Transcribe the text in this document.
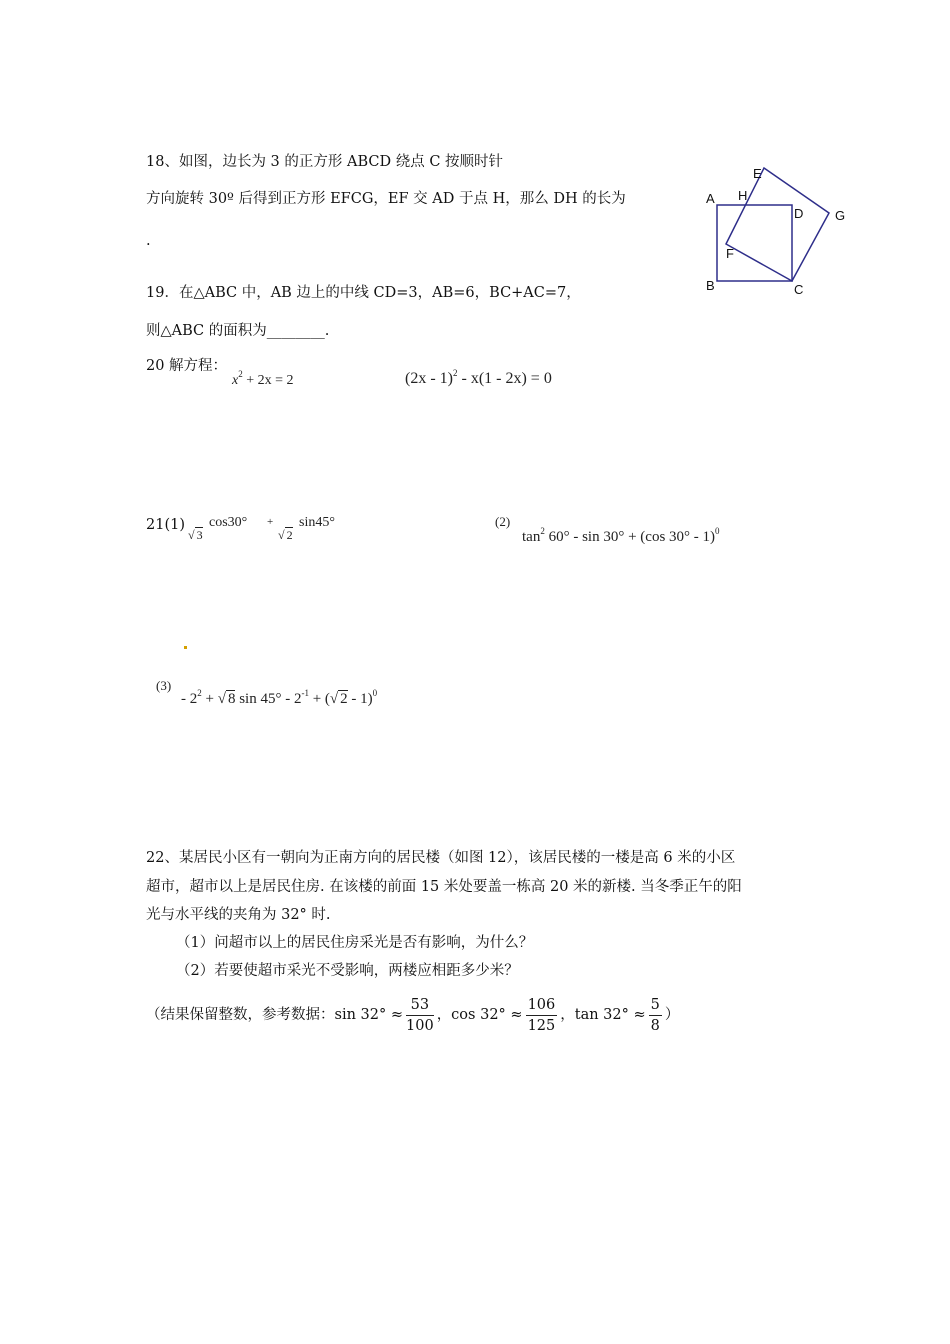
18、如图，边长为 3 的正方形 ABCD 绕点 C 按顺时针
方向旋转 30º 后得到正方形 EFCG，EF 交 AD 于点 H，那么 DH 的长为
.
A H
E
D G
F
B	C
19．在△ABC 中，AB 边上的中线 CD=3，AB=6，BC+AC=7，
则△ABC 的面积为________.
20 解方程：
$x^2 + 2x = 2$	(2x - 1)$^2$ - x(1 - 2x) = 0
21(1)
√ 3
cos30° +
√ 2
sin45°	(2)
$\tan^2 60^\circ - \sin 30^\circ + (\cos$ 30° - 1)$^0$
(3)
- $2^2$ + √ 8 $\sin 45^\circ - 2^{-1}$ + (√ 2 - 1)$^0$
22、某居民小区有一朝向为正南方向的居民楼（如图 12），该居民楼的一楼是高 6 米的小区
超市，超市以上是居民住房. 在该楼的前面 15 米处要盖一栋高 20 米的新楼. 当冬季正午的阳
光与水平线的夹角为 32° 时.
（1）问超市以上的居民住房采光是否有影响，为什么？
（2）若要使超市采光不受影响，两楼应相距多少米？
（结果保留整数，参考数据：$\sin 32^\circ \approx \frac{53}{100}$ ，$\cos 32^\circ \approx \frac{106}{125}$ ，$\tan 32^\circ \approx \frac{5}{8}$ ）
